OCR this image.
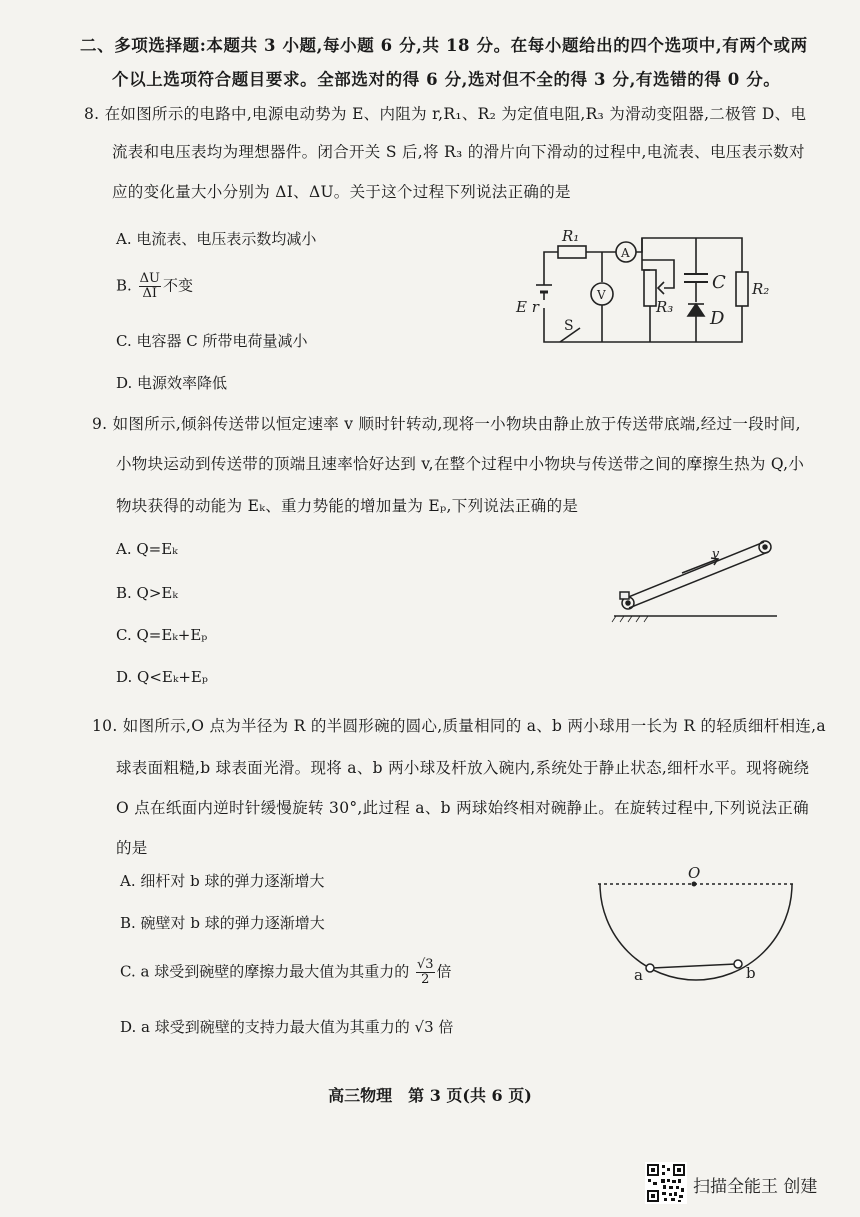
二、多项选择题:本题共 3 小题,每小题 6 分,共 18 分。在每小题给出的四个选项中,有两个或两
个以上选项符合题目要求。全部选对的得 6 分,选对但不全的得 3 分,有选错的得 0 分。
8. 在如图所示的电路中,电源电动势为 E、内阻为 r,R₁、R₂ 为定值电阻,R₃ 为滑动变阻器,二极管 D、电
流表和电压表均为理想器件。闭合开关 S 后,将 R₃ 的滑片向下滑动的过程中,电流表、电压表示数对
应的变化量大小分别为 ΔI、ΔU。关于这个过程下列说法正确的是
A. 电流表、电压表示数均减小
B. $\frac{\Delta U}{\Delta I}$ 不变
C. 电容器 C 所带电荷量减小
D. 电源效率降低
R₁
A
V
E r
S
R₃
C
D
R₂
9. 如图所示,倾斜传送带以恒定速率 v 顺时针转动,现将一小物块由静止放于传送带底端,经过一段时间,
小物块运动到传送带的顶端且速率恰好达到 v,在整个过程中小物块与传送带之间的摩擦生热为 Q,小
物块获得的动能为 Eₖ、重力势能的增加量为 Eₚ,下列说法正确的是
A. Q=Eₖ
B. Q>Eₖ
C. Q=Eₖ+Eₚ
D. Q<Eₖ+Eₚ
v
10. 如图所示,O 点为半径为 R 的半圆形碗的圆心,质量相同的 a、b 两小球用一长为 R 的轻质细杆相连,a
球表面粗糙,b 球表面光滑。现将 a、b 两小球及杆放入碗内,系统处于静止状态,细杆水平。现将碗绕
O 点在纸面内逆时针缓慢旋转 30°,此过程 a、b 两球始终相对碗静止。在旋转过程中,下列说法正确
的是
A. 细杆对 b 球的弹力逐渐增大
B. 碗壁对 b 球的弹力逐渐增大
C. a 球受到碗壁的摩擦力最大值为其重力的 $\frac{√3}{2}$ 倍
D. a 球受到碗壁的支持力最大值为其重力的 √3 倍
O
a	b
高三物理　第 3 页(共 6 页)
扫描全能王 创建
